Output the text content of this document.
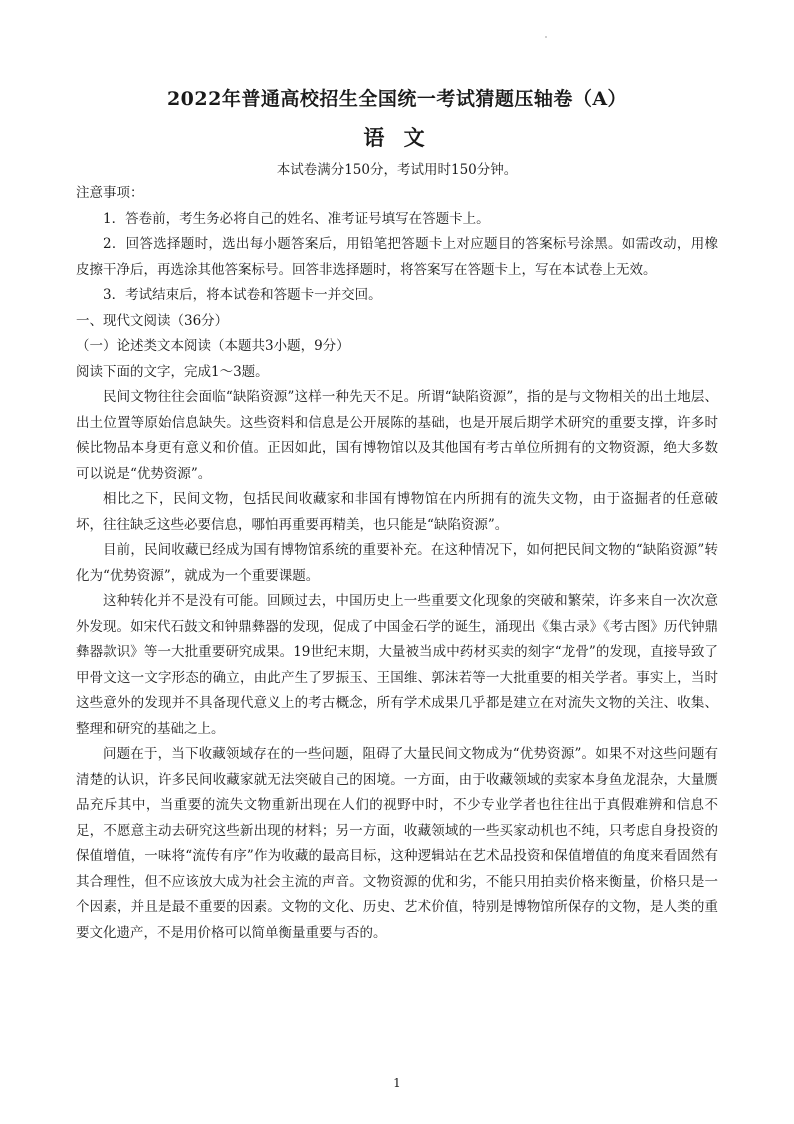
2022年普通高校招生全国统一考试猜题压轴卷（A）
语 文
本试卷满分150分，考试用时150分钟。

注意事项：

1．答卷前，考生务必将自己的姓名、准考证号填写在答题卡上。

2．回答选择题时，选出每小题答案后，用铅笔把答题卡上对应题目的答案标号涂黑。如需改动，用橡皮擦干净后，再选涂其他答案标号。回答非选择题时，将答案写在答题卡上，写在本试卷上无效。

3．考试结束后，将本试卷和答题卡一并交回。

一、现代文阅读（36分）

（一）论述类文本阅读（本题共3小题，9分）

阅读下面的文字，完成1～3题。

民间文物往往会面临“缺陷资源”这样一种先天不足。所谓“缺陷资源”，指的是与文物相关的出土地层、出土位置等原始信息缺失。这些资料和信息是公开展陈的基础，也是开展后期学术研究的重要支撑，许多时候比物品本身更有意义和价值。正因如此，国有博物馆以及其他国有考古单位所拥有的文物资源，绝大多数可以说是“优势资源”。

相比之下，民间文物，包括民间收藏家和非国有博物馆在内所拥有的流失文物，由于盗掘者的任意破坏，往往缺乏这些必要信息，哪怕再重要再精美，也只能是“缺陷资源”。

目前，民间收藏已经成为国有博物馆系统的重要补充。在这种情况下，如何把民间文物的“缺陷资源”转化为“优势资源”，就成为一个重要课题。

这种转化并不是没有可能。回顾过去，中国历史上一些重要文化现象的突破和繁荣，许多来自一次次意外发现。如宋代石鼓文和钟鼎彝器的发现，促成了中国金石学的诞生，涌现出《集古录》《考古图》历代钟鼎彝器款识》等一大批重要研究成果。19世纪末期，大量被当成中药材买卖的刻字“龙骨”的发现，直接导致了甲骨文这一文字形态的确立，由此产生了罗振玉、王国维、郭沫若等一大批重要的相关学者。事实上，当时这些意外的发现并不具备现代意义上的考古概念，所有学术成果几乎都是建立在对流失文物的关注、收集、整理和研究的基础之上。

问题在于，当下收藏领域存在的一些问题，阻碍了大量民间文物成为“优势资源”。如果不对这些问题有清楚的认识，许多民间收藏家就无法突破自己的困境。一方面，由于收藏领域的卖家本身鱼龙混杂，大量赝品充斥其中，当重要的流失文物重新出现在人们的视野中时，不少专业学者也往往出于真假难辨和信息不足，不愿意主动去研究这些新出现的材料；另一方面，收藏领域的一些买家动机也不纯，只考虑自身投资的保值增值，一味将“流传有序”作为收藏的最高目标，这种逻辑站在艺术品投资和保值增值的角度来看固然有其合理性，但不应该放大成为社会主流的声音。文物资源的优和劣，不能只用拍卖价格来衡量，价格只是一个因素，并且是最不重要的因素。文物的文化、历史、艺术价值，特别是博物馆所保存的文物，是人类的重要文化遗产，不是用价格可以简单衡量重要与否的。

1
